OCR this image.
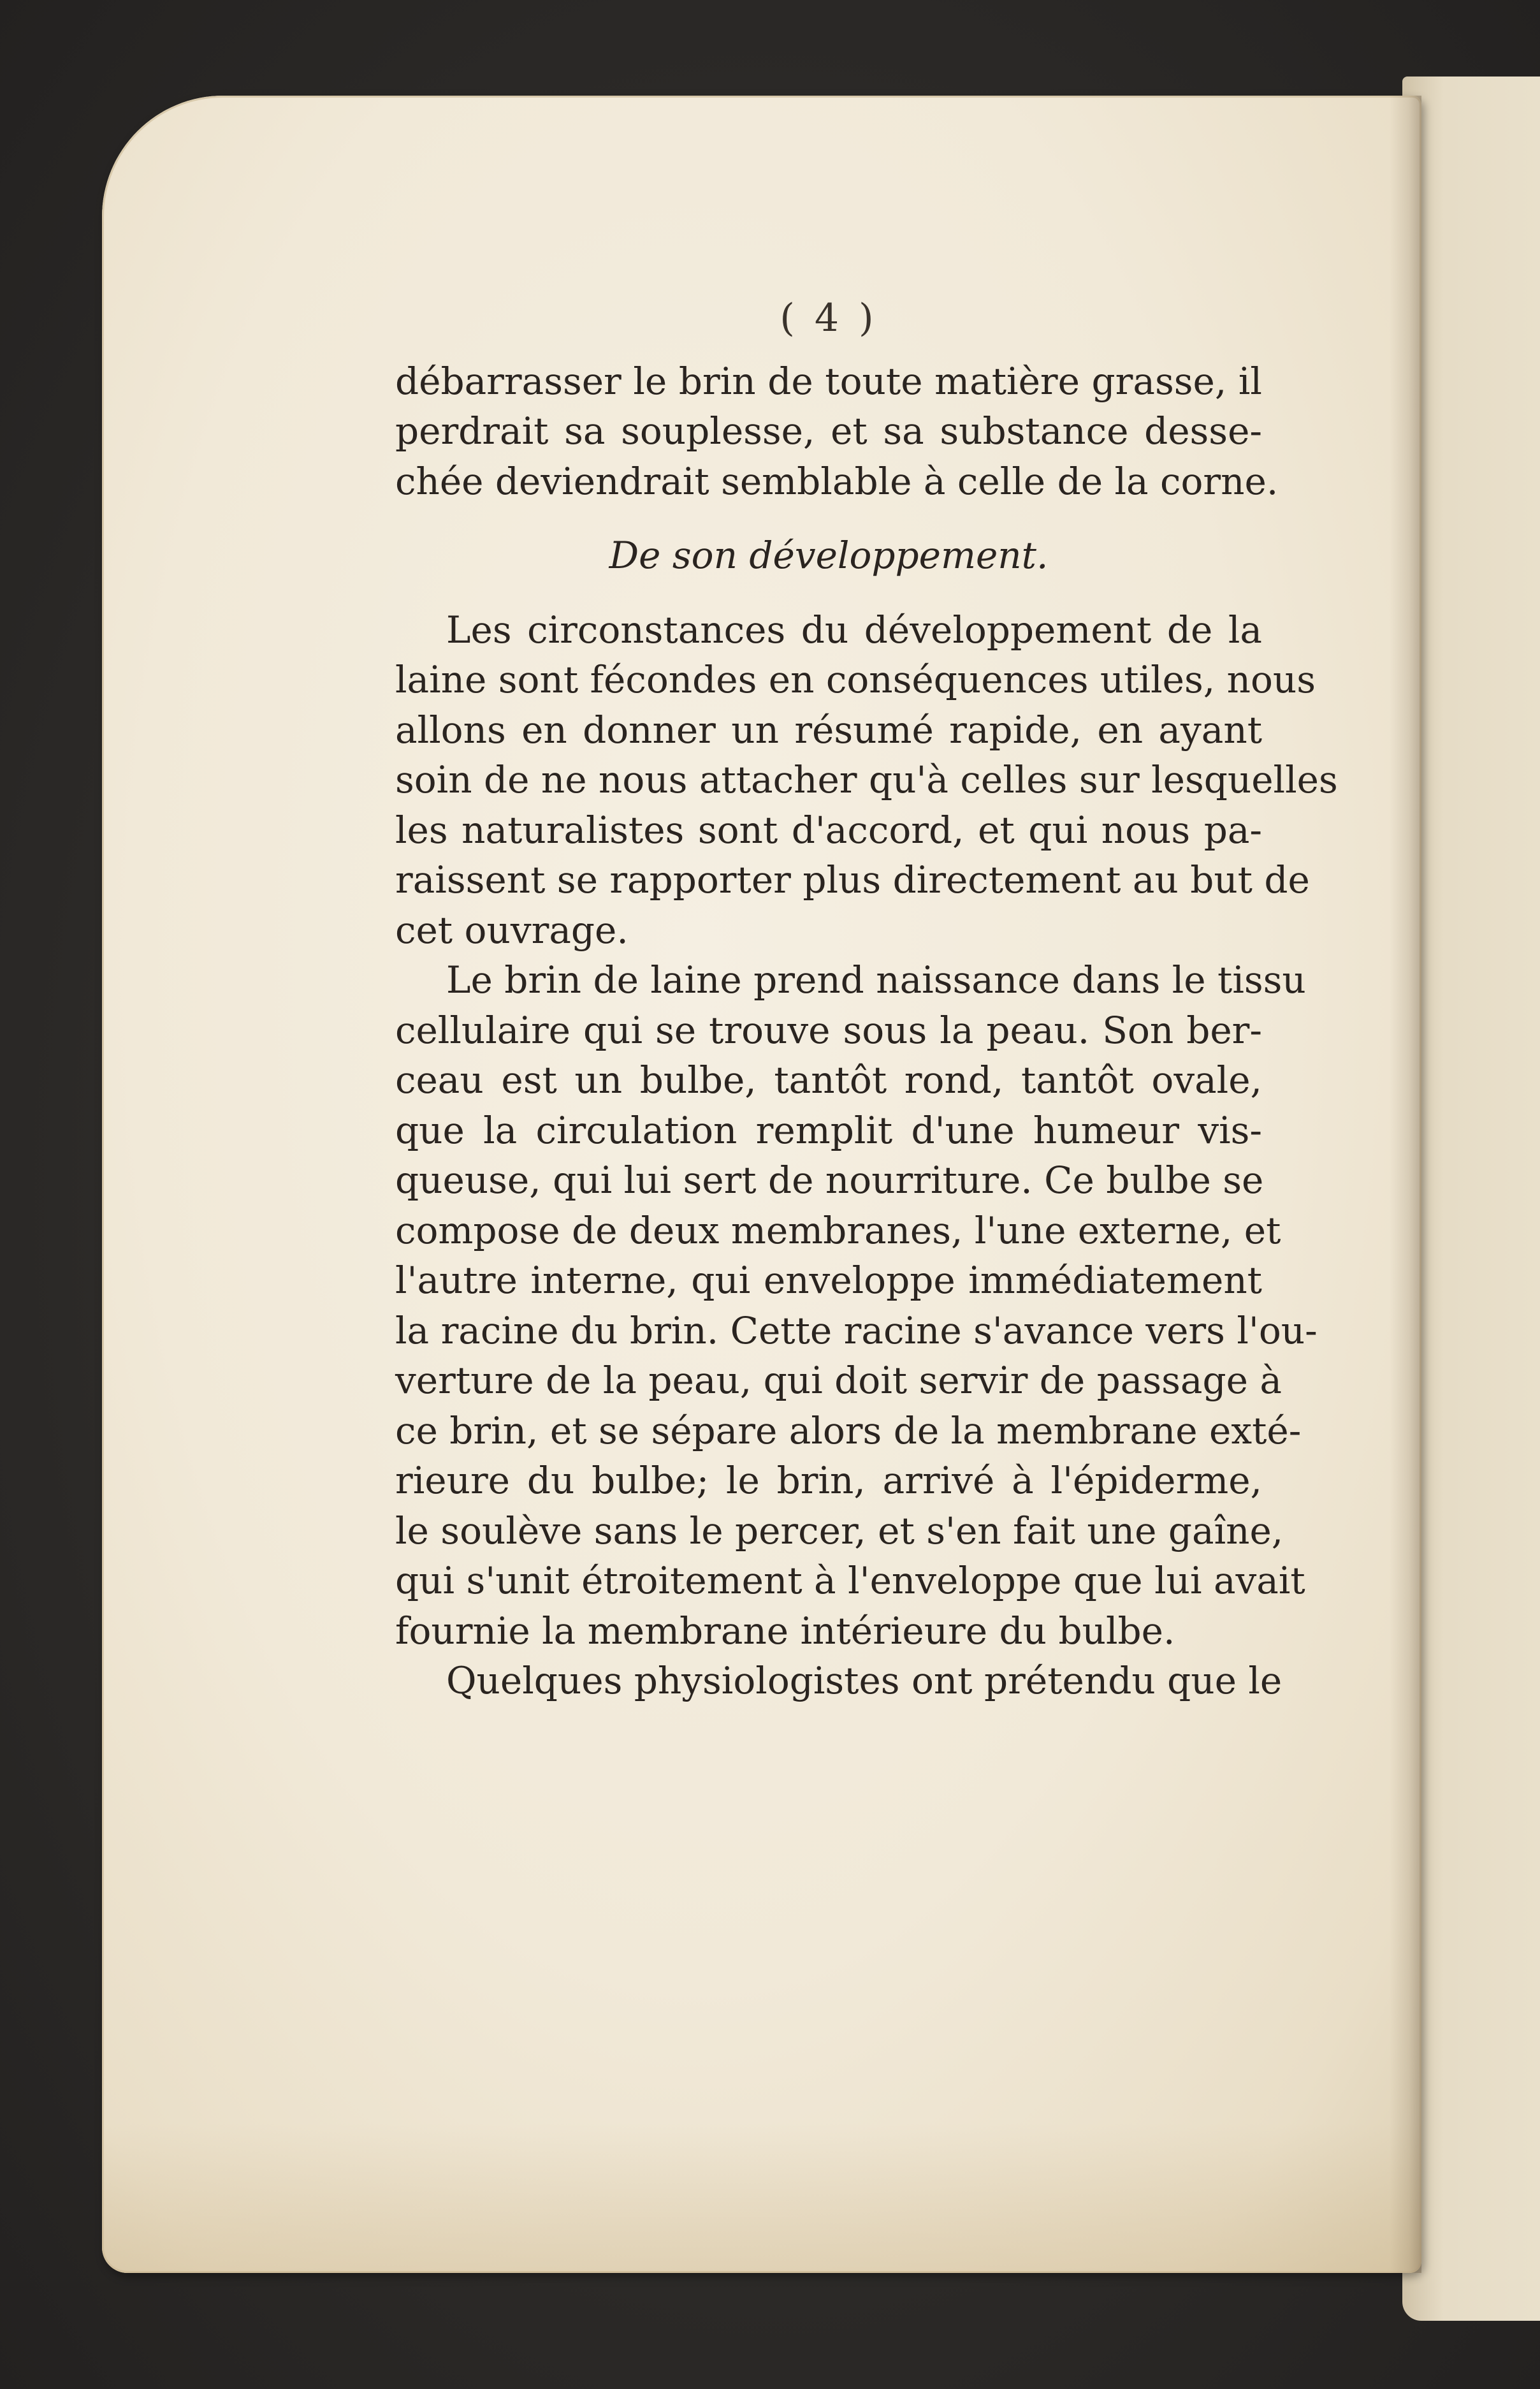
( 4 )
débarrasser le brin de toute matière grasse, il
perdrait sa souplesse, et sa substance desse-
chée deviendrait semblable à celle de la corne.
De son développement.
Les circonstances du développement de la
laine sont fécondes en conséquences utiles, nous
allons en donner un résumé rapide, en ayant
soin de ne nous attacher qu'à celles sur lesquelles
les naturalistes sont d'accord, et qui nous pa-
raissent se rapporter plus directement au but de
cet ouvrage.
Le brin de laine prend naissance dans le tissu
cellulaire qui se trouve sous la peau. Son ber-
ceau est un bulbe, tantôt rond, tantôt ovale,
que la circulation remplit d'une humeur vis-
queuse, qui lui sert de nourriture. Ce bulbe se
compose de deux membranes, l'une externe, et
l'autre interne, qui enveloppe immédiatement
la racine du brin. Cette racine s'avance vers l'ou-
verture de la peau, qui doit servir de passage à
ce brin, et se sépare alors de la membrane exté-
rieure du bulbe; le brin, arrivé à l'épiderme,
le soulève sans le percer, et s'en fait une gaîne,
qui s'unit étroitement à l'enveloppe que lui avait
fournie la membrane intérieure du bulbe.
Quelques physiologistes ont prétendu que le
